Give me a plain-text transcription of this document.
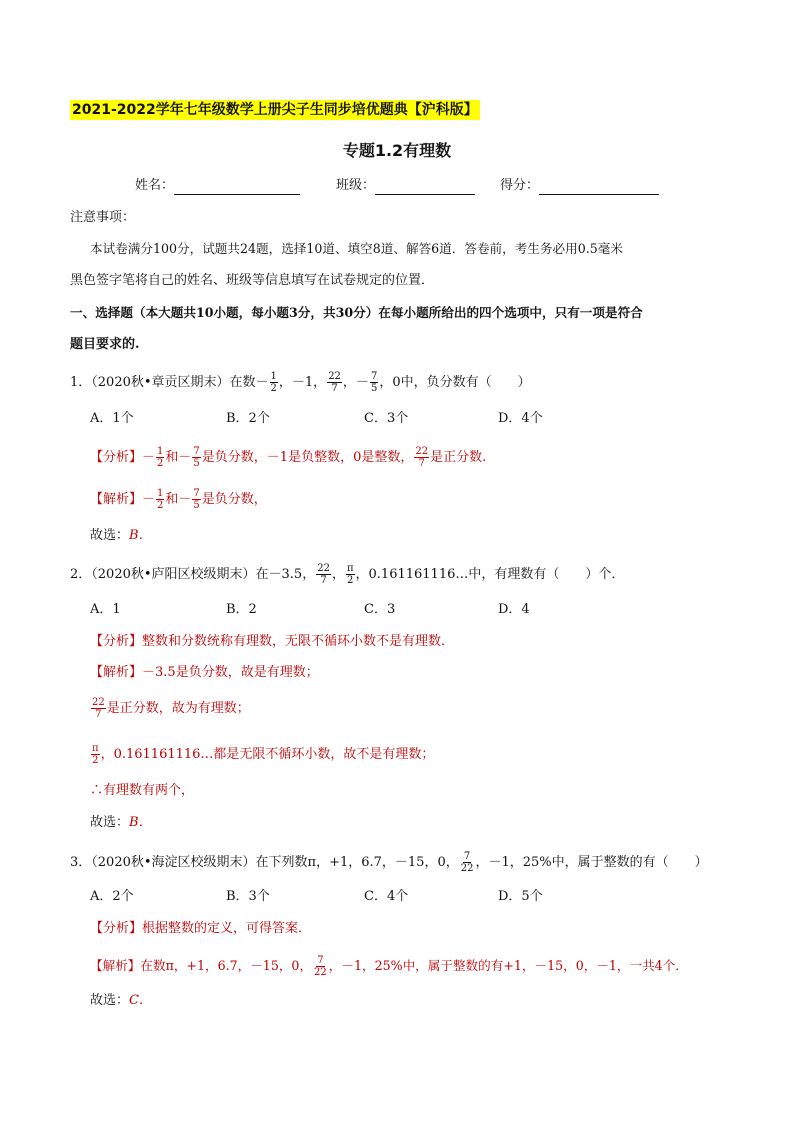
2021-2022学年七年级数学上册尖子生同步培优题典【沪科版】
专题1.2有理数
姓名：	班级：	得分：
注意事项：
本试卷满分100分，试题共24题，选择10道、填空8道、解答6道．答卷前，考生务必用0.5毫米
黑色签字笔将自己的姓名、班级等信息填写在试卷规定的位置．
一、选择题（本大题共10小题，每小题3分，共30分）在每小题所给出的四个选项中，只有一项是符合
题目要求的.
1．（2020秋•章贡区期末）在数－ $\frac{1}{2}$ ，－1， $\frac{22}{7}$ ，－ $\frac{7}{5}$ ，0中，负分数有（　　）
A．1个	B．2个	C．3个	D．4个
【分析】－ $\frac{1}{2}$ 和－ $\frac{7}{5}$ 是负分数，－1是负整数，0是整数， $\frac{22}{7}$ 是正分数.
【解析】－ $\frac{1}{2}$ 和－ $\frac{7}{5}$ 是负分数，
故选：B．
2．（2020秋•庐阳区校级期末）在－3.5， $\frac{22}{7}$ ， $\frac{\pi}{2}$ ，0.161161116…中，有理数有（　　）个．
A．1	B．2	C．3	D．4
【分析】整数和分数统称有理数，无限不循环小数不是有理数．
【解析】－3.5是负分数，故是有理数；
$\frac{22}{7}$ 是正分数，故为有理数；
$\frac{\pi}{2}$ ，0.161161116…都是无限不循环小数，故不是有理数；
∴有理数有两个，
故选：B．
3．（2020秋•海淀区校级期末）在下列数π，+1，6.7，－15，0， $\frac{7}{22}$ ，－1，25%中，属于整数的有（　　）
A．2个	B．3个	C．4个	D．5个
【分析】根据整数的定义，可得答案．
【解析】在数π，+1，6.7，－15，0， $\frac{7}{22}$ ，－1，25%中，属于整数的有+1，－15，0，－1，一共4个．
故选：C．
